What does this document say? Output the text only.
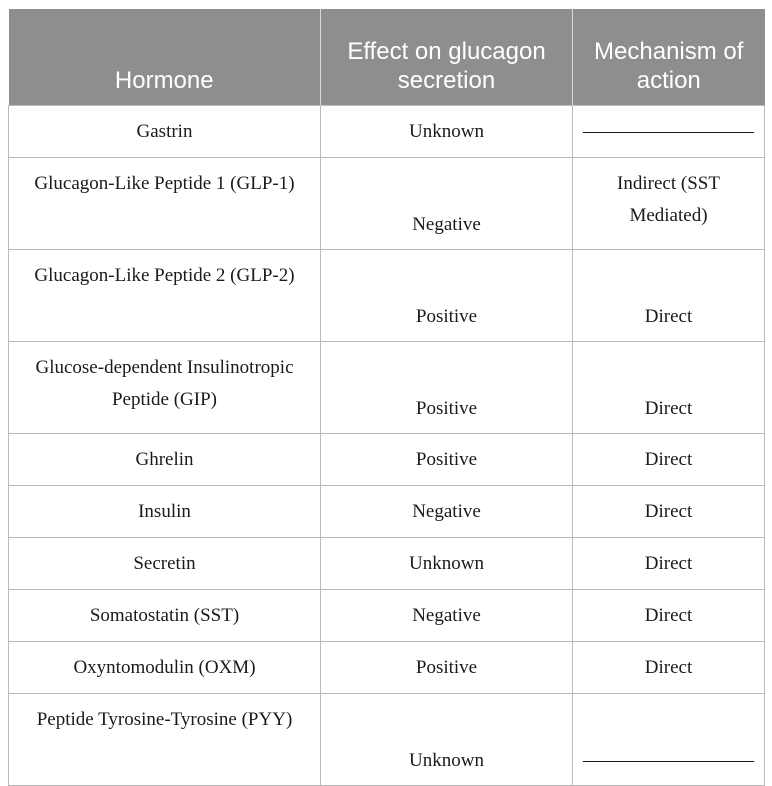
Hormone	Effect on glucagon secretion	Mechanism of action
Gastrin	Unknown	—————————
Glucagon-Like Peptide 1 (GLP-1)	Negative	Indirect (SST Mediated)
Glucagon-Like Peptide 2 (GLP-2)	Positive	Direct
Glucose-dependent Insulinotropic Peptide (GIP)	Positive	Direct
Ghrelin	Positive	Direct
Insulin	Negative	Direct
Secretin	Unknown	Direct
Somatostatin (SST)	Negative	Direct
Oxyntomodulin (OXM)	Positive	Direct
Peptide Tyrosine-Tyrosine (PYY)	Unknown	—————————
